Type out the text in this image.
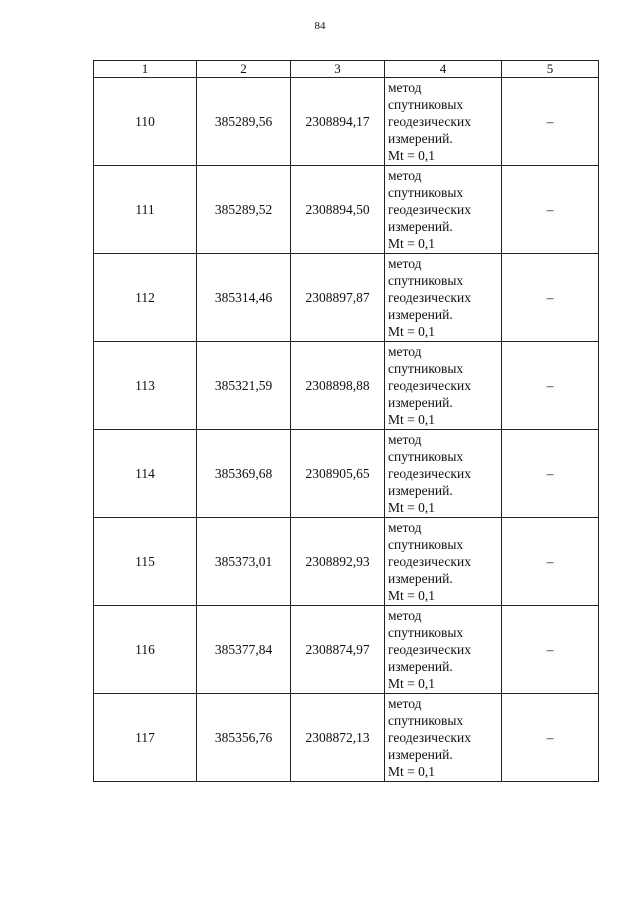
84
1	2	3	4	5
110	385289,56	2308894,17	метод
спутниковых
геодезических
измерений.
Mt = 0,1	–
111	385289,52	2308894,50	метод
спутниковых
геодезических
измерений.
Mt = 0,1	–
112	385314,46	2308897,87	метод
спутниковых
геодезических
измерений.
Mt = 0,1	–
113	385321,59	2308898,88	метод
спутниковых
геодезических
измерений.
Mt = 0,1	–
114	385369,68	2308905,65	метод
спутниковых
геодезических
измерений.
Mt = 0,1	–
115	385373,01	2308892,93	метод
спутниковых
геодезических
измерений.
Mt = 0,1	–
116	385377,84	2308874,97	метод
спутниковых
геодезических
измерений.
Mt = 0,1	–
117	385356,76	2308872,13	метод
спутниковых
геодезических
измерений.
Mt = 0,1	–
